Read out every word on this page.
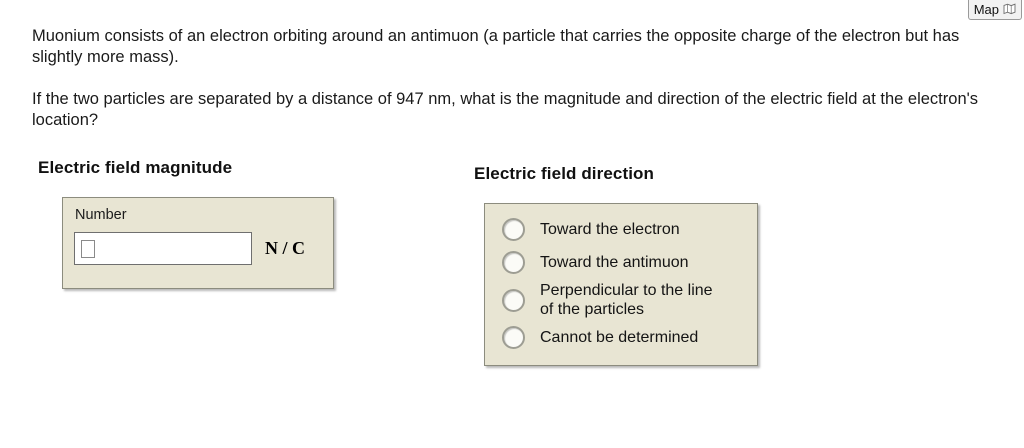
Map

Muonium consists of an electron orbiting around an antimuon (a particle that carries the opposite charge of the electron but has slightly more mass).

If the two particles are separated by a distance of 947 nm, what is the magnitude and direction of the electric field at the electron's location?

Electric field magnitude
Number
N / C
Electric field direction
Toward the electron
Toward the antimuon
Perpendicular to the line of the particles
Cannot be determined
